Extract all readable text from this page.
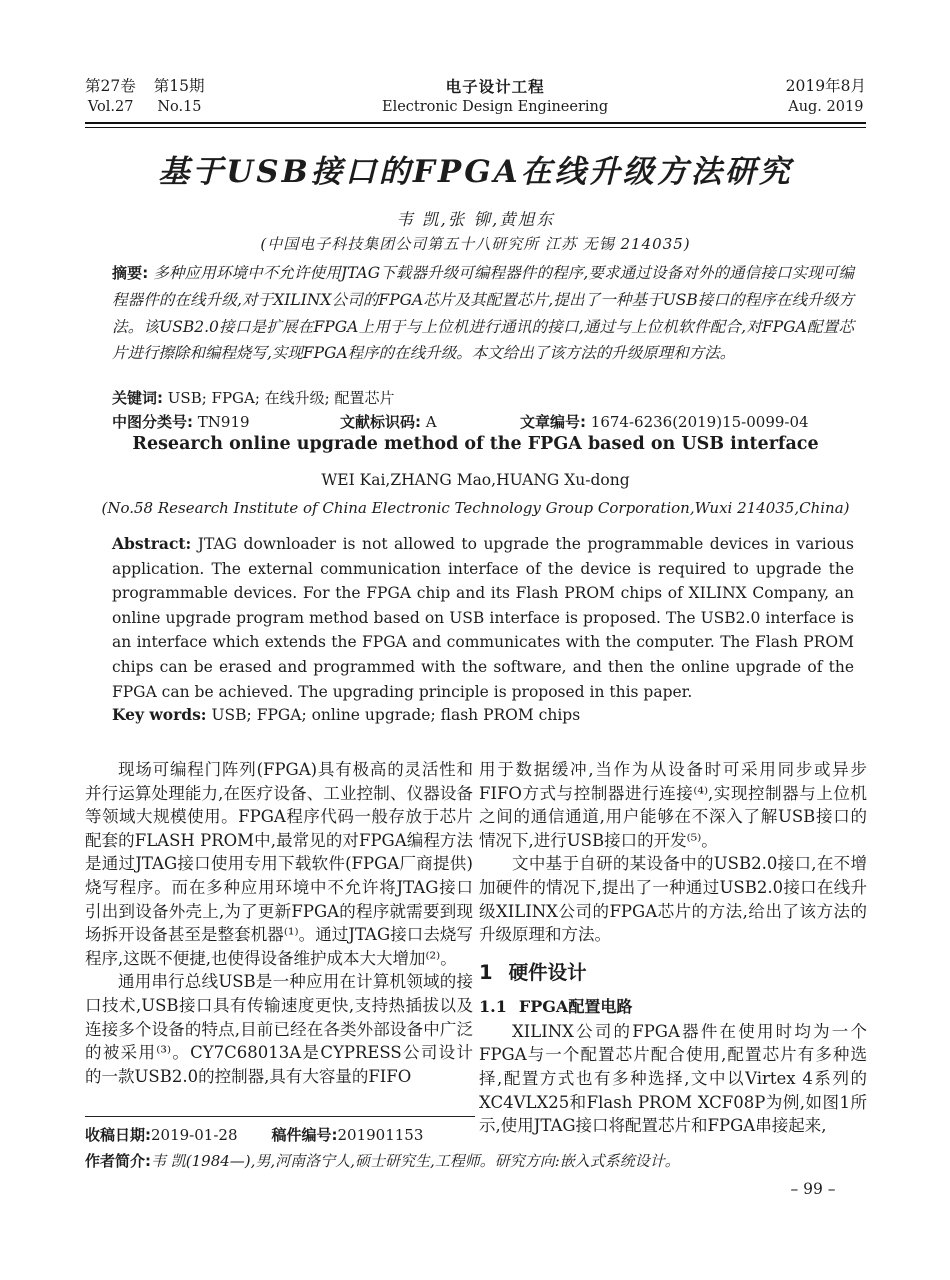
第27卷 第15期
Vol.27 No.15
电子设计工程
Electronic Design Engineering
2019年8月
Aug. 2019
基于USB接口的FPGA在线升级方法研究
韦 凯,张 铆,黄旭东
(中国电子科技集团公司第五十八研究所 江苏 无锡 214035)
摘要: 多种应用环境中不允许使用JTAG下载器升级可编程器件的程序,要求通过设备对外的通信接口实现可编程器件的在线升级,对于XILINX公司的FPGA芯片及其配置芯片,提出了一种基于USB接口的程序在线升级方法。该USB2.0接口是扩展在FPGA上用于与上位机进行通讯的接口,通过与上位机软件配合,对FPGA配置芯片进行擦除和编程烧写,实现FPGA程序的在线升级。本文给出了该方法的升级原理和方法。
关键词: USB; FPGA; 在线升级; 配置芯片
中图分类号: TN919	文献标识码: A	文章编号: 1674-6236(2019)15-0099-04
Research online upgrade method of the FPGA based on USB interface
WEI Kai,ZHANG Mao,HUANG Xu-dong
(No.58 Research Institute of China Electronic Technology Group Corporation,Wuxi 214035,China)
Abstract: JTAG downloader is not allowed to upgrade the programmable devices in various application. The external communication interface of the device is required to upgrade the programmable devices. For the FPGA chip and its Flash PROM chips of XILINX Company, an online upgrade program method based on USB interface is proposed. The USB2.0 interface is an interface which extends the FPGA and communicates with the computer. The Flash PROM chips can be erased and programmed with the software, and then the online upgrade of the FPGA can be achieved. The upgrading principle is proposed in this paper.
Key words: USB; FPGA; online upgrade; flash PROM chips

现场可编程门阵列(FPGA)具有极高的灵活性和并行运算处理能力,在医疗设备、工业控制、仪器设备等领域大规模使用。FPGA程序代码一般存放于芯片配套的FLASH PROM中,最常见的对FPGA编程方法是通过JTAG接口使用专用下载软件(FPGA厂商提供)烧写程序。而在多种应用环境中不允许将JTAG接口引出到设备外壳上,为了更新FPGA的程序就需要到现场拆开设备甚至是整套机器⁽¹⁾。通过JTAG接口去烧写程序,这既不便捷,也使得设备维护成本大大增加⁽²⁾。

通用串行总线USB是一种应用在计算机领域的接口技术,USB接口具有传输速度更快,支持热插拔以及连接多个设备的特点,目前已经在各类外部设备中广泛的被采用⁽³⁾。CY7C68013A是CYPRESS公司设计的一款USB2.0的控制器,具有大容量的FIFO

用于数据缓冲,当作为从设备时可采用同步或异步FIFO方式与控制器进行连接⁽⁴⁾,实现控制器与上位机之间的通信通道,用户能够在不深入了解USB接口的情况下,进行USB接口的开发⁽⁵⁾。

文中基于自研的某设备中的USB2.0接口,在不增加硬件的情况下,提出了一种通过USB2.0接口在线升级XILINX公司的FPGA芯片的方法,给出了该方法的升级原理和方法。

1 硬件设计

1.1 FPGA配置电路

XILINX公司的FPGA器件在使用时均为一个FPGA与一个配置芯片配合使用,配置芯片有多种选择,配置方式也有多种选择,文中以Virtex 4系列的XC4VLX25和Flash PROM XCF08P为例,如图1所示,使用JTAG接口将配置芯片和FPGA串接起来,

收稿日期:2019-01-28 稿件编号:201901153
作者简介:韦 凯(1984—),男,河南洛宁人,硕士研究生,工程师。研究方向:嵌入式系统设计。
– 99 –
